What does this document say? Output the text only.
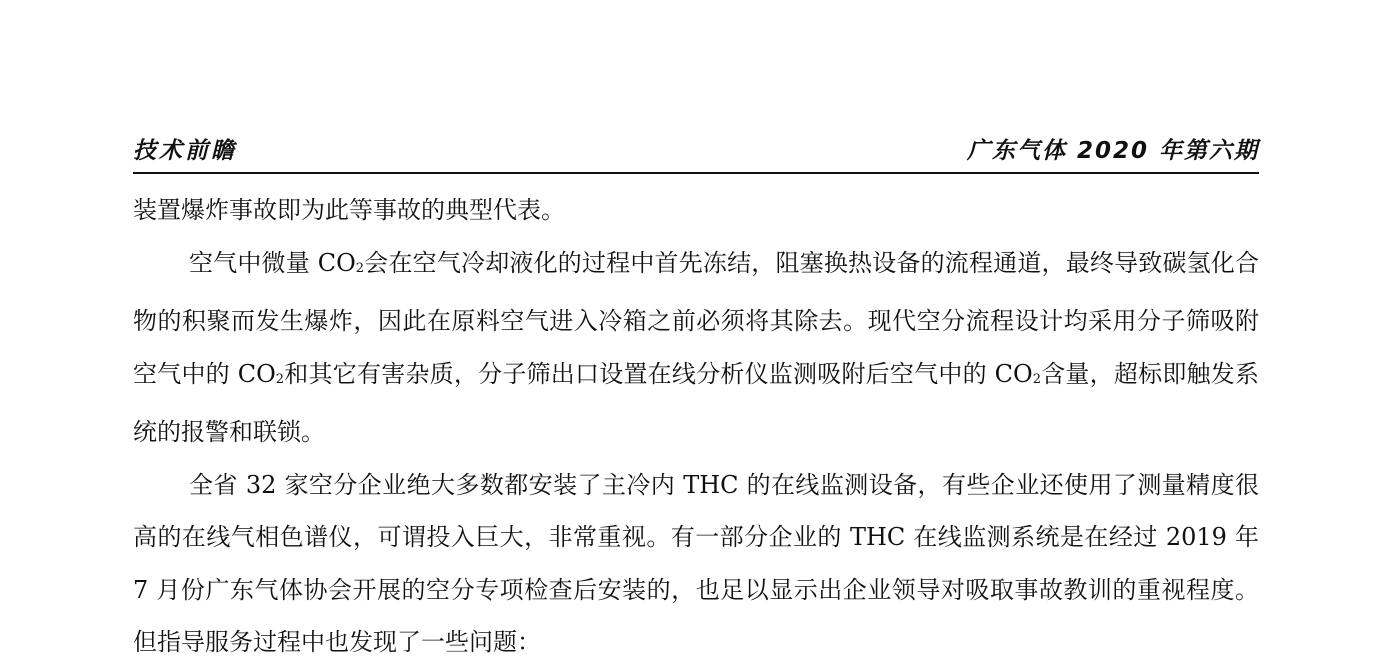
技术前瞻	广东气体 2020 年第六期

装置爆炸事故即为此等事故的典型代表。

空气中微量 $CO_2$会在空气冷却液化的过程中首先冻结，阻塞换热设备的流程通道，最终导致碳氢化合物的积聚而发生爆炸，因此在原料空气进入冷箱之前必须将其除去。现代空分流程设计均采用分子筛吸附空气中的 $CO_2$和其它有害杂质，分子筛出口设置在线分析仪监测吸附后空气中的 $CO_2$含量，超标即触发系统的报警和联锁。

全省 32 家空分企业绝大多数都安装了主冷内 THC 的在线监测设备，有些企业还使用了测量精度很高的在线气相色谱仪，可谓投入巨大，非常重视。有一部分企业的 THC 在线监测系统是在经过 2019 年 7 月份广东气体协会开展的空分专项检查后安装的，也足以显示出企业领导对吸取事故教训的重视程度。但指导服务过程中也发现了一些问题：
